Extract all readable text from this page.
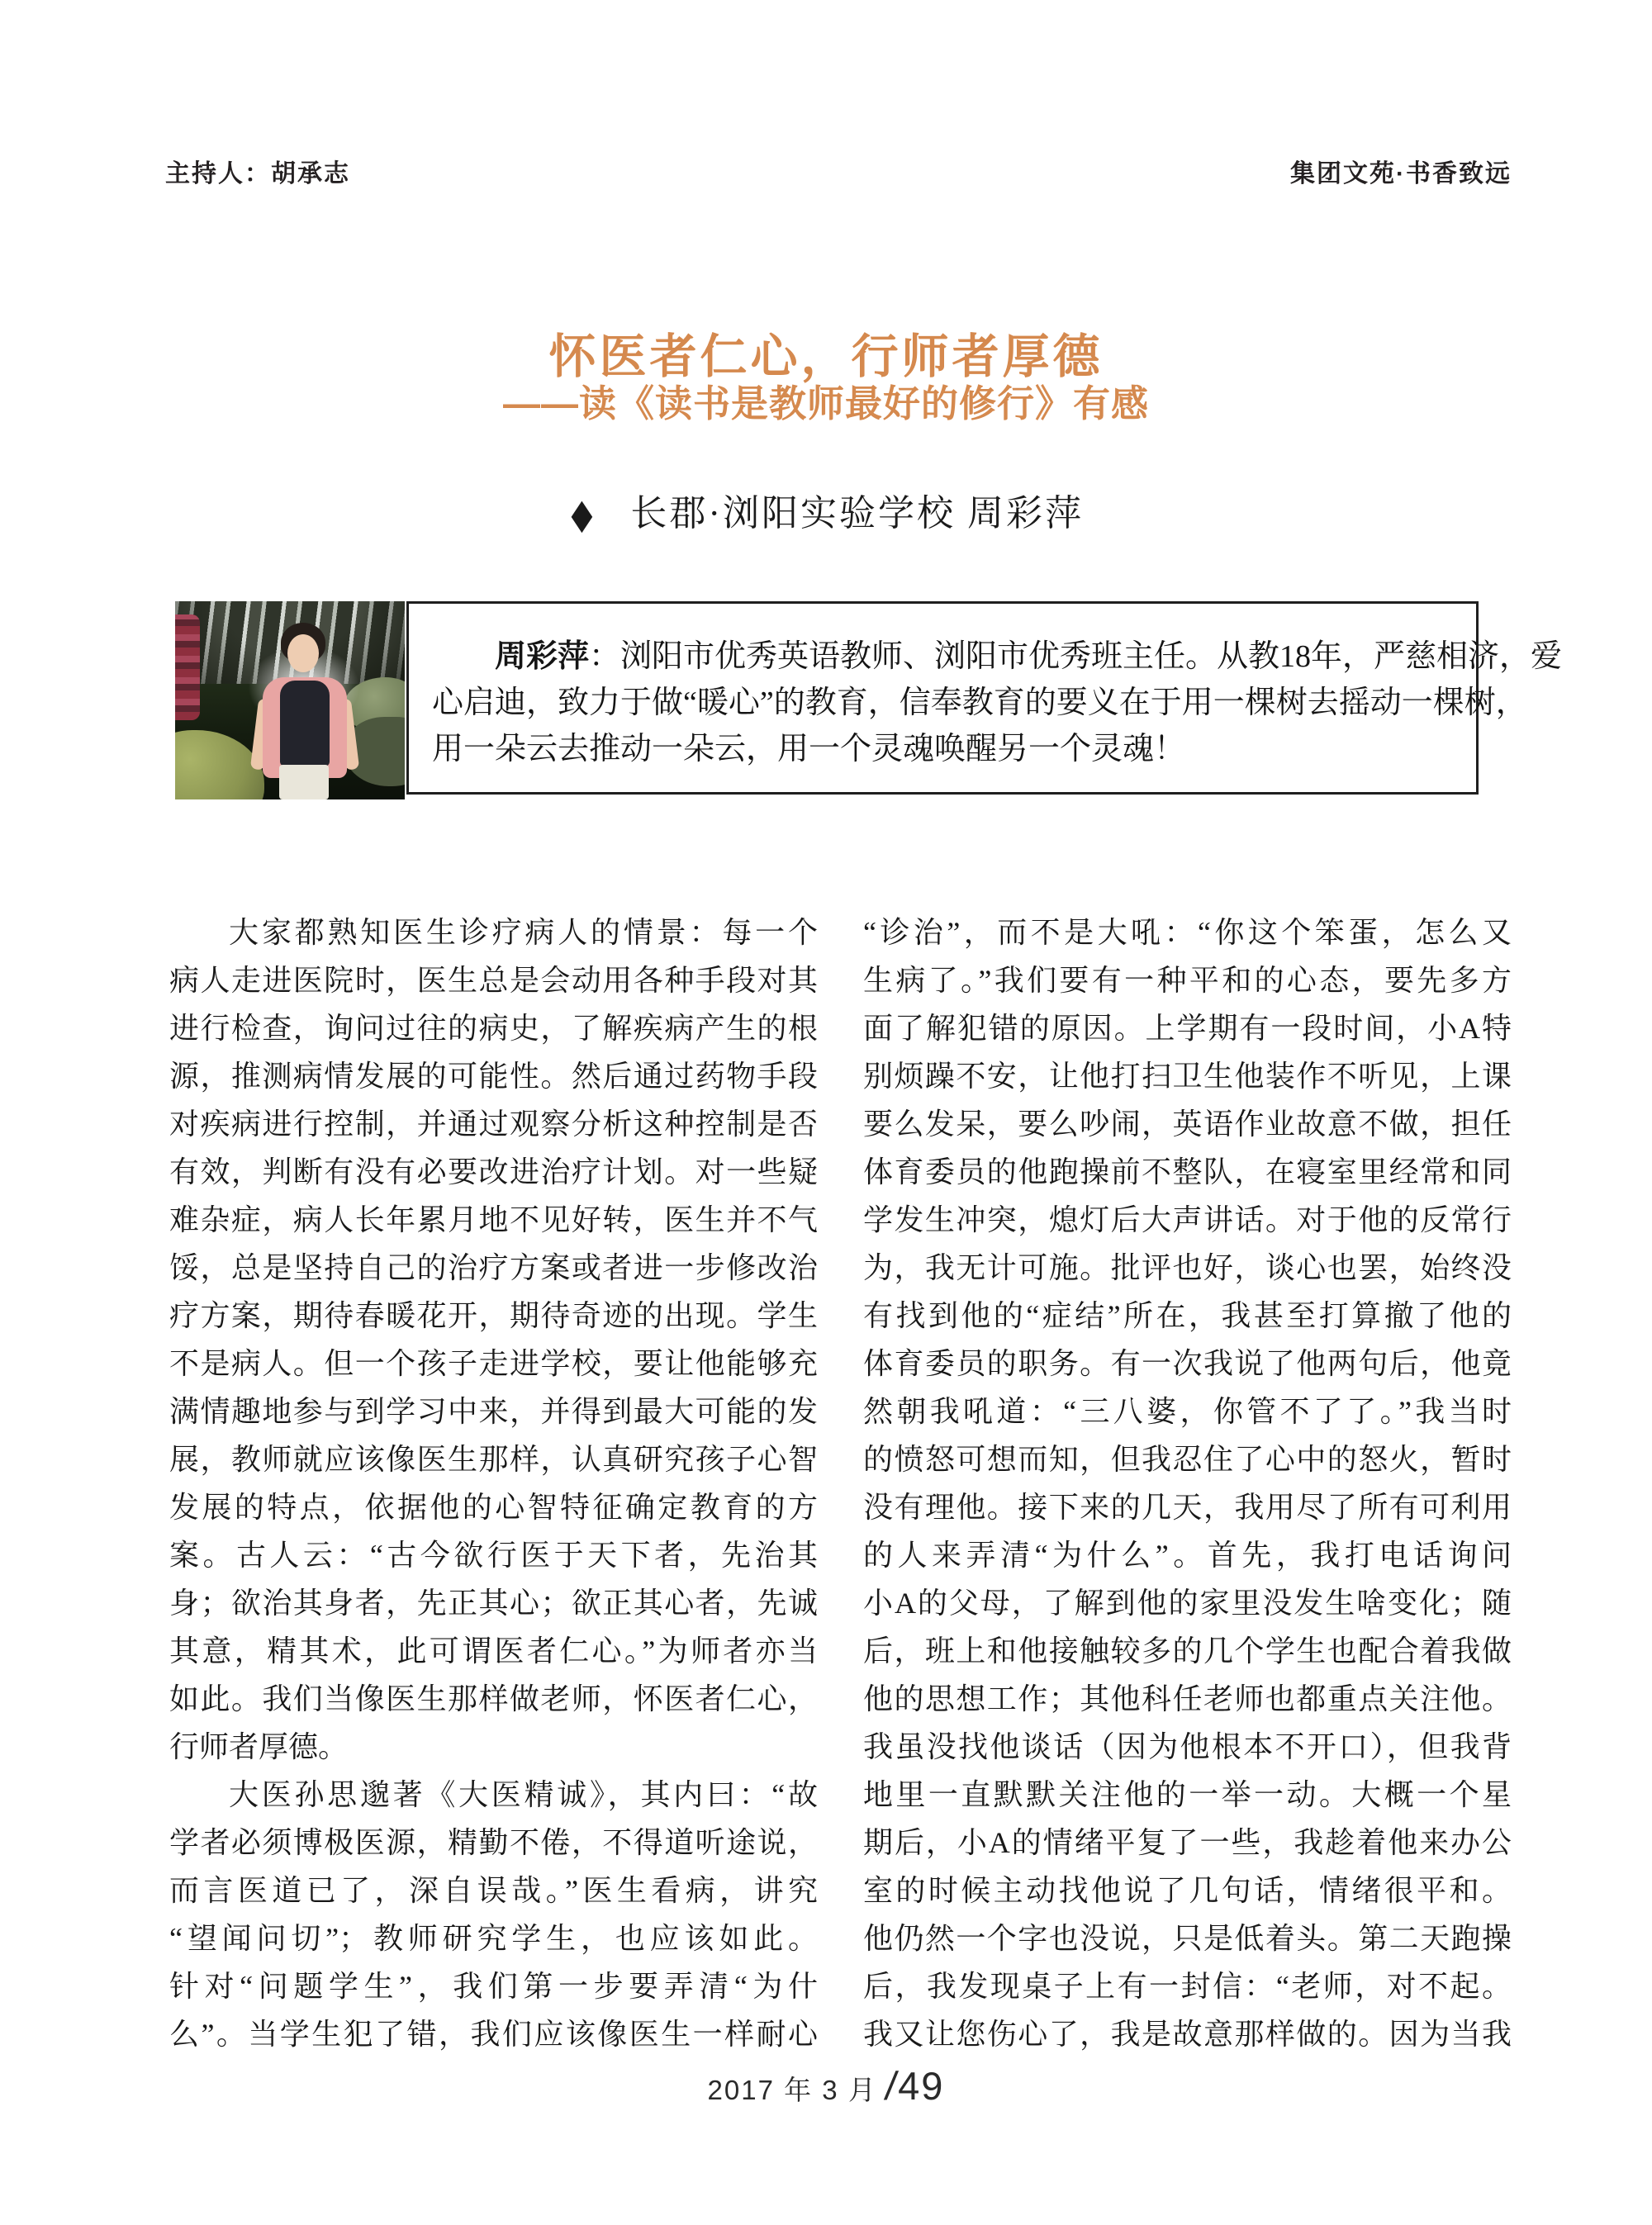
主持人：胡承志	集团文苑·书香致远
怀医者仁心，行师者厚德
——读《读书是教师最好的修行》有感
◆ 长郡·浏阳实验学校 周彩萍
周彩萍：浏阳市优秀英语教师、浏阳市优秀班主任。从教18年，严慈相济，爱
心启迪，致力于做“暖心”的教育，信奉教育的要义在于用一棵树去摇动一棵树，
用一朵云去推动一朵云，用一个灵魂唤醒另一个灵魂！
大家都熟知医生诊疗病人的情景：每一个
病人走进医院时，医生总是会动用各种手段对其
进行检查，询问过往的病史，了解疾病产生的根
源，推测病情发展的可能性。然后通过药物手段
对疾病进行控制，并通过观察分析这种控制是否
有效，判断有没有必要改进治疗计划。对一些疑
难杂症，病人长年累月地不见好转，医生并不气
馁，总是坚持自己的治疗方案或者进一步修改治
疗方案，期待春暖花开，期待奇迹的出现。学生
不是病人。但一个孩子走进学校，要让他能够充
满情趣地参与到学习中来，并得到最大可能的发
展，教师就应该像医生那样，认真研究孩子心智
发展的特点，依据他的心智特征确定教育的方
案。古人云：“古今欲行医于天下者，先治其
身；欲治其身者，先正其心；欲正其心者，先诚
其意，精其术，此可谓医者仁心。”为师者亦当
如此。我们当像医生那样做老师，怀医者仁心，
行师者厚德。
大医孙思邈著《大医精诚》，其内曰：“故
学者必须博极医源，精勤不倦，不得道听途说，
而言医道已了，深自误哉。”医生看病，讲究
“望闻问切”；教师研究学生，也应该如此。
针对“问题学生”，我们第一步要弄清“为什
么”。当学生犯了错，我们应该像医生一样耐心
“诊治”，而不是大吼：“你这个笨蛋，怎么又
生病了。”我们要有一种平和的心态，要先多方
面了解犯错的原因。上学期有一段时间，小A特
别烦躁不安，让他打扫卫生他装作不听见，上课
要么发呆，要么吵闹，英语作业故意不做，担任
体育委员的他跑操前不整队，在寝室里经常和同
学发生冲突，熄灯后大声讲话。对于他的反常行
为，我无计可施。批评也好，谈心也罢，始终没
有找到他的“症结”所在，我甚至打算撤了他的
体育委员的职务。有一次我说了他两句后，他竟
然朝我吼道：“三八婆，你管不了了。”我当时
的愤怒可想而知，但我忍住了心中的怒火，暂时
没有理他。接下来的几天，我用尽了所有可利用
的人来弄清“为什么”。首先，我打电话询问
小A的父母，了解到他的家里没发生啥变化；随
后，班上和他接触较多的几个学生也配合着我做
他的思想工作；其他科任老师也都重点关注他。
我虽没找他谈话（因为他根本不开口），但我背
地里一直默默关注他的一举一动。大概一个星
期后，小A的情绪平复了一些，我趁着他来办公
室的时候主动找他说了几句话，情绪很平和。
他仍然一个字也没说，只是低着头。第二天跑操
后，我发现桌子上有一封信：“老师，对不起。
我又让您伤心了，我是故意那样做的。因为当我
2017 年 3 月 /
49
